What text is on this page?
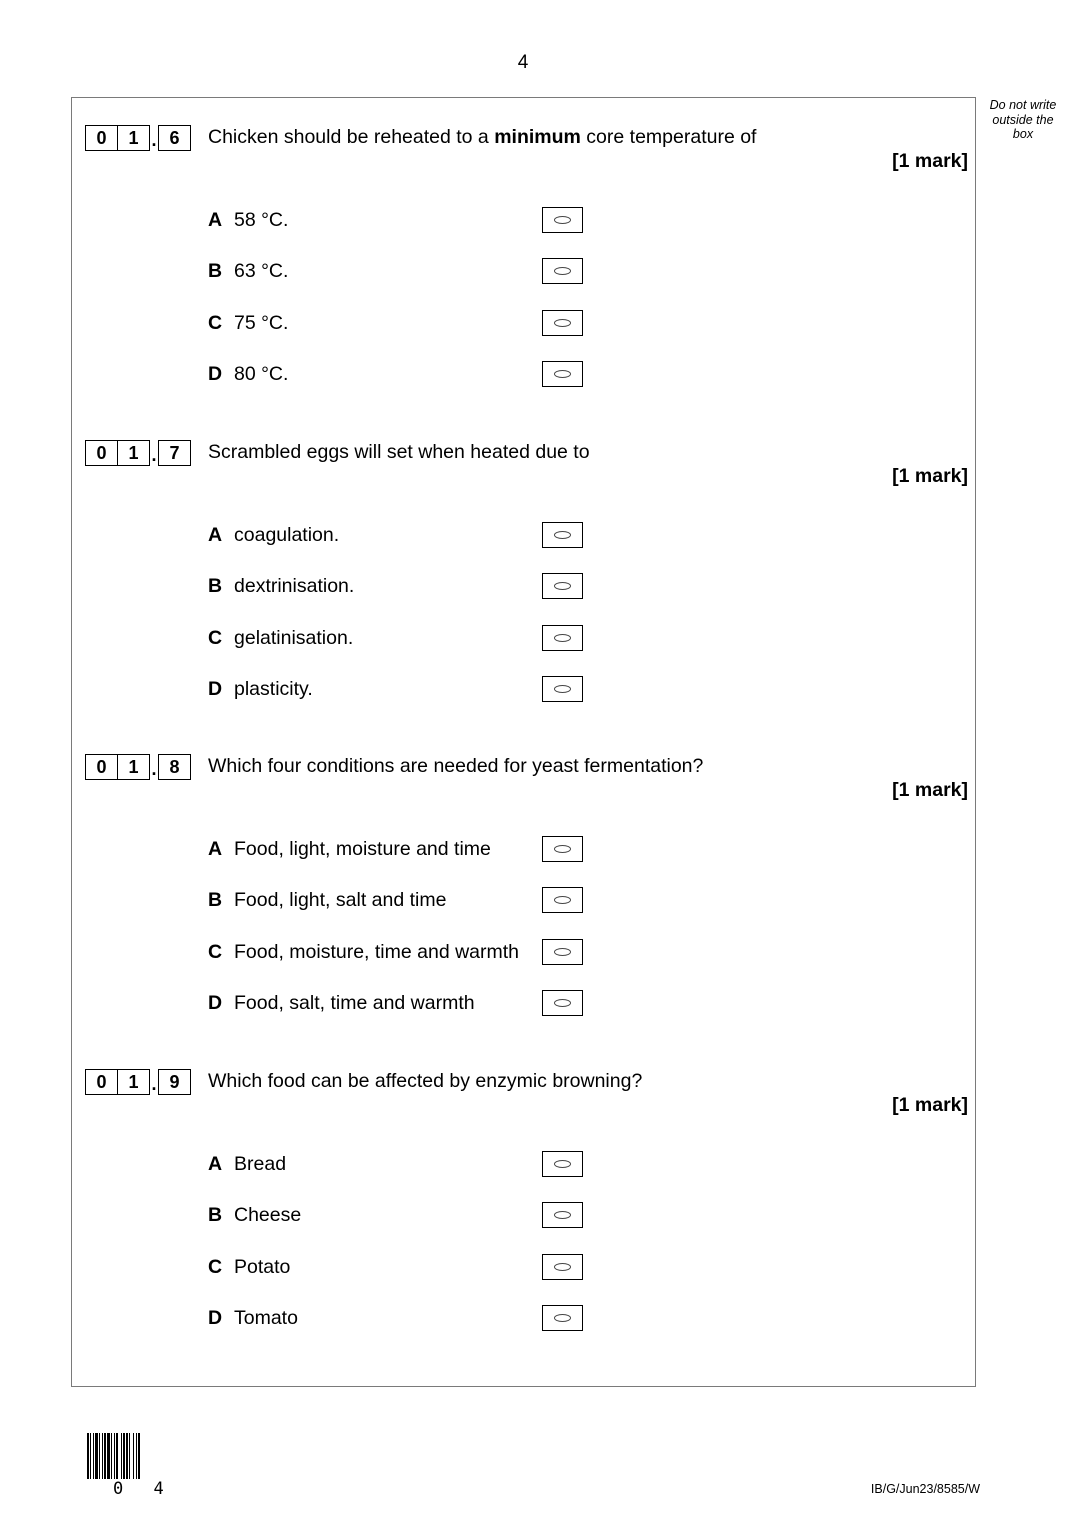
4
Do not write
outside the
box
0	1 . 6	Chicken should be reheated to a minimum core temperature of
[1 mark]
A 58 °C.
B 63 °C.
C 75 °C.
D 80 °C.
0	1 . 7	Scrambled eggs will set when heated due to
[1 mark]
A coagulation.
B dextrinisation.
C gelatinisation.
D plasticity.
0	1 . 8	Which four conditions are needed for yeast fermentation?
[1 mark]
A Food, light, moisture and time
B Food, light, salt and time
C Food, moisture, time and warmth
D Food, salt, time and warmth
0	1 . 9	Which food can be affected by enzymic browning?
[1 mark]
A Bread
B Cheese
C Potato
D Tomato
0 4	IB/G/Jun23/8585/W
